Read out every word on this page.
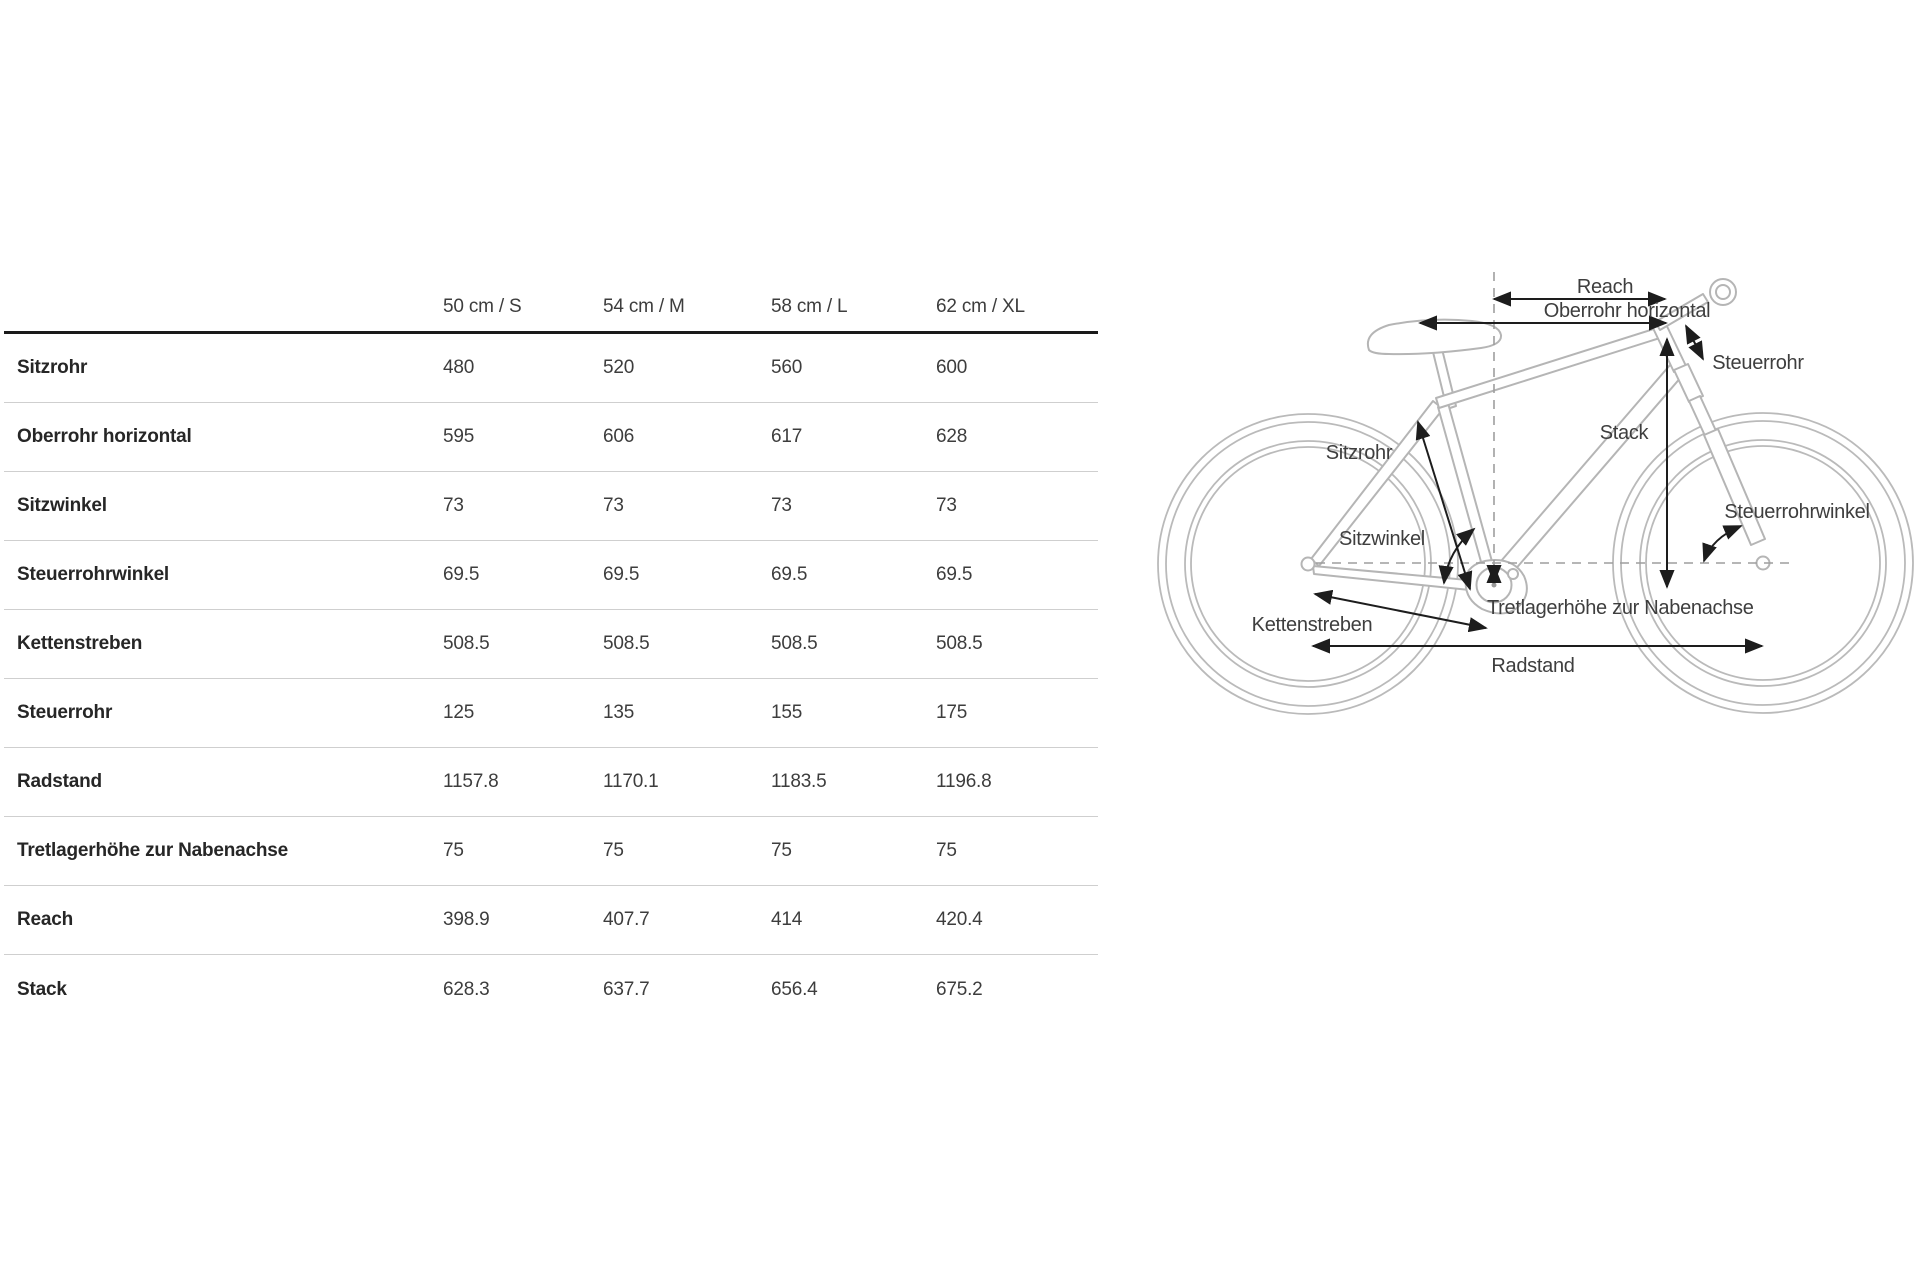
50 cm / S	54 cm / M	58 cm / L	62 cm / XL
Sitzrohr	480	520	560	600
Oberrohr horizontal	595	606	617	628
Sitzwinkel	73	73	73	73
Steuerrohrwinkel	69.5	69.5	69.5	69.5
Kettenstreben	508.5	508.5	508.5	508.5
Steuerrohr	125	135	155	175
Radstand	1157.8	1170.1	1183.5	1196.8
Tretlagerhöhe zur Nabenachse	75	75	75	75
Reach	398.9	407.7	414	420.4
Stack	628.3	637.7	656.4	675.2
Reach
Oberrohr horizontal
Steuerrohr
Sitzrohr
Stack
Steuerrohrwinkel
Sitzwinkel
Tretlagerhöhe zur Nabenachse
Kettenstreben
Radstand
